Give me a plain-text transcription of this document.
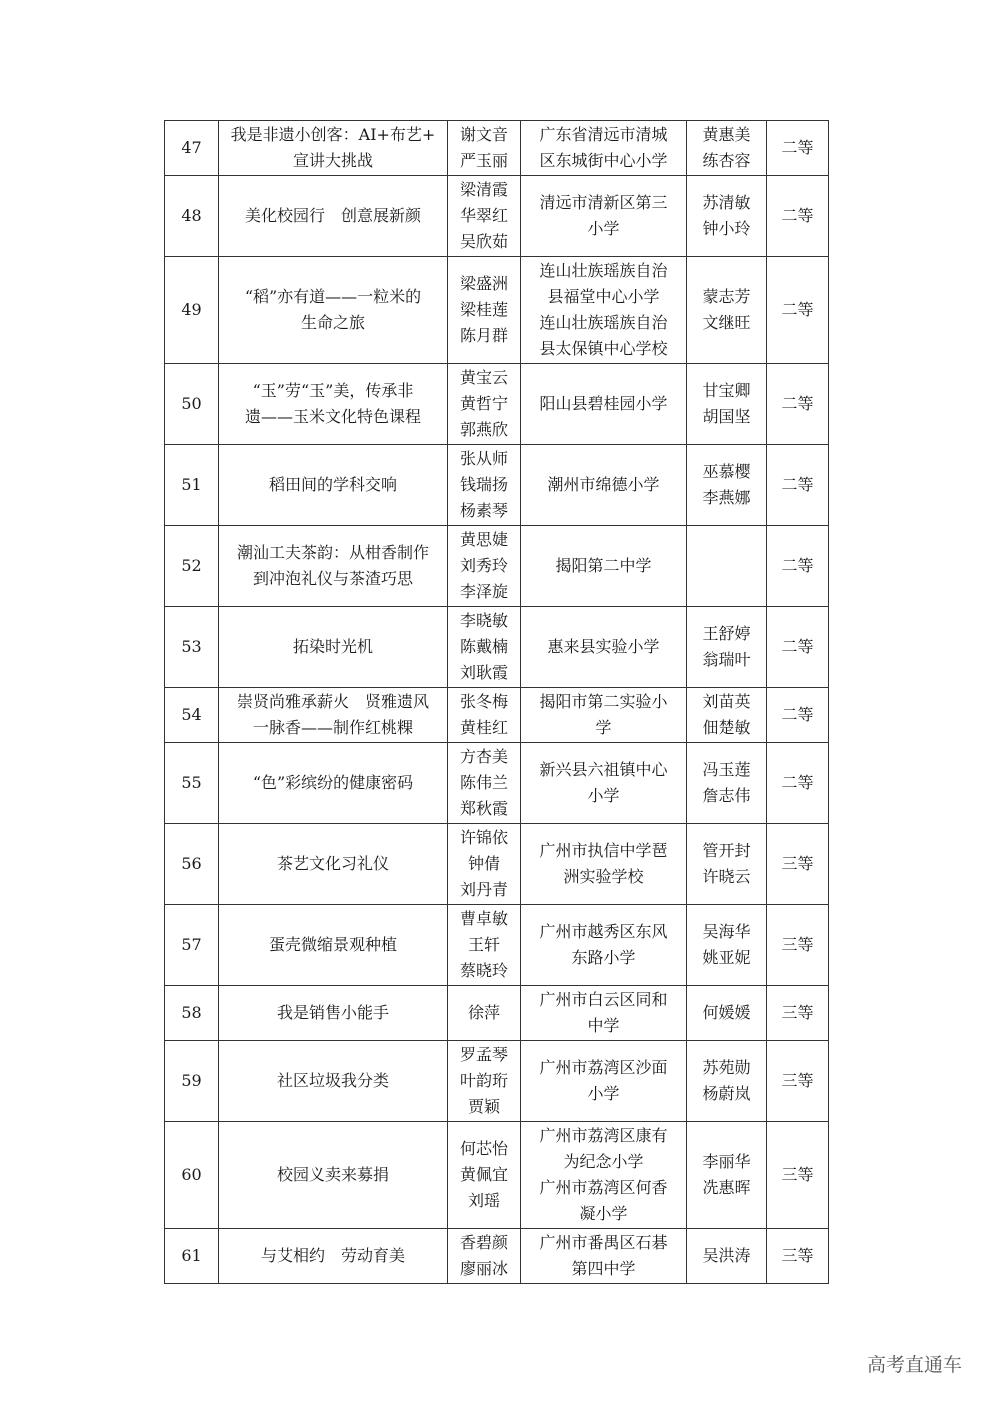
47	我是非遗小创客：AI+布艺+
宣讲大挑战	谢文音
严玉丽	广东省清远市清城
区东城街中心小学	黄惠美
练杏容	二等
48	美化校园行　创意展新颜	梁清霞
华翠红
吴欣茹	清远市清新区第三
小学	苏清敏
钟小玲	二等
49	“稻”亦有道——一粒米的
生命之旅	梁盛洲
梁桂莲
陈月群	连山壮族瑶族自治
县福堂中心小学
连山壮族瑶族自治
县太保镇中心学校	蒙志芳
文继旺	二等
50	“玉”劳“玉”美，传承非
遗——玉米文化特色课程	黄宝云
黄哲宁
郭燕欣	阳山县碧桂园小学	甘宝卿
胡国坚	二等
51	稻田间的学科交响	张从师
钱瑞扬
杨素琴	潮州市绵德小学	巫慕樱
李燕娜	二等
52	潮汕工夫茶韵：从柑香制作
到冲泡礼仪与茶渣巧思	黄思婕
刘秀玲
李泽旋	揭阳第二中学		二等
53	拓染时光机	李晓敏
陈戴楠
刘耿霞	惠来县实验小学	王舒婷
翁瑞叶	二等
54	崇贤尚雅承薪火　贤雅遗风
一脉香——制作红桃粿	张冬梅
黄桂红	揭阳市第二实验小
学	刘苗英
佃楚敏	二等
55	“色”彩缤纷的健康密码	方杏美
陈伟兰
郑秋霞	新兴县六祖镇中心
小学	冯玉莲
詹志伟	二等
56	茶艺文化习礼仪	许锦依
钟倩
刘丹青	广州市执信中学琶
洲实验学校	管开封
许晓云	三等
57	蛋壳微缩景观种植	曹卓敏
王轩
蔡晓玲	广州市越秀区东风
东路小学	吴海华
姚亚妮	三等
58	我是销售小能手	徐萍	广州市白云区同和
中学	何媛媛	三等
59	社区垃圾我分类	罗孟琴
叶韵珩
贾颖	广州市荔湾区沙面
小学	苏苑勋
杨蔚岚	三等
60	校园义卖来募捐	何芯怡
黄佩宜
刘瑶	广州市荔湾区康有
为纪念小学
广州市荔湾区何香
凝小学	李丽华
冼惠晖	三等
61	与艾相约　劳动育美	香碧颜
廖丽冰	广州市番禺区石碁
第四中学	吴洪涛	三等
高考直通车
